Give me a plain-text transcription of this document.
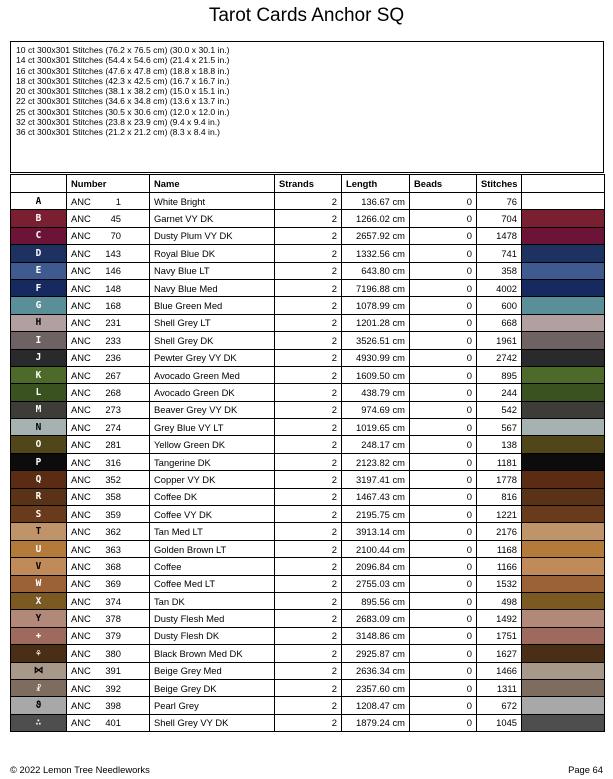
Tarot Cards Anchor SQ
10 ct 300x301 Stitches (76.2 x 76.5 cm) (30.0 x 30.1 in.)
14 ct 300x301 Stitches (54.4 x 54.6 cm) (21.4 x 21.5 in.)
16 ct 300x301 Stitches (47.6 x 47.8 cm) (18.8 x 18.8 in.)
18 ct 300x301 Stitches (42.3 x 42.5 cm) (16.7 x 16.7 in.)
20 ct 300x301 Stitches (38.1 x 38.2 cm) (15.0 x 15.1 in.)
22 ct 300x301 Stitches (34.6 x 34.8 cm) (13.6 x 13.7 in.)
25 ct 300x301 Stitches (30.5 x 30.6 cm) (12.0 x 12.0 in.)
32 ct 300x301 Stitches (23.8 x 23.9 cm) (9.4 x 9.4 in.)
36 ct 300x301 Stitches (21.2 x 21.2 cm) (8.3 x 8.4 in.)
	Number	Name	Strands	Length	Beads	Stitches	
A	ANC 1	White Bright	2	136.67 cm	0	76	
B	ANC 45	Garnet VY DK	2	1266.02 cm	0	704	
C	ANC 70	Dusty Plum VY DK	2	2657.92 cm	0	1478	
D	ANC 143	Royal Blue DK	2	1332.56 cm	0	741	
E	ANC 146	Navy Blue LT	2	643.80 cm	0	358	
F	ANC 148	Navy Blue Med	2	7196.88 cm	0	4002	
G	ANC 168	Blue Green Med	2	1078.99 cm	0	600	
H	ANC 231	Shell Grey LT	2	1201.28 cm	0	668	
I	ANC 233	Shell Grey DK	2	3526.51 cm	0	1961	
J	ANC 236	Pewter Grey VY DK	2	4930.99 cm	0	2742	
K	ANC 267	Avocado Green Med	2	1609.50 cm	0	895	
L	ANC 268	Avocado Green DK	2	438.79 cm	0	244	
M	ANC 273	Beaver Grey VY DK	2	974.69 cm	0	542	
N	ANC 274	Grey Blue VY LT	2	1019.65 cm	0	567	
O	ANC 281	Yellow Green DK	2	248.17 cm	0	138	
P	ANC 316	Tangerine DK	2	2123.82 cm	0	1181	
Q	ANC 352	Copper VY DK	2	3197.41 cm	0	1778	
R	ANC 358	Coffee DK	2	1467.43 cm	0	816	
S	ANC 359	Coffee VY DK	2	2195.75 cm	0	1221	
T	ANC 362	Tan Med LT	2	3913.14 cm	0	2176	
U	ANC 363	Golden Brown LT	2	2100.44 cm	0	1168	
V	ANC 368	Coffee	2	2096.84 cm	0	1166	
W	ANC 369	Coffee Med LT	2	2755.03 cm	0	1532	
X	ANC 374	Tan DK	2	895.56 cm	0	498	
Y	ANC 378	Dusty Flesh Med	2	2683.09 cm	0	1492	
✚	ANC 379	Dusty Flesh DK	2	3148.86 cm	0	1751	
⚘	ANC 380	Black Brown Med DK	2	2925.87 cm	0	1627	
⋈	ANC 391	Beige Grey Med	2	2636.34 cm	0	1466	
☧	ANC 392	Beige Grey DK	2	2357.60 cm	0	1311	
ϑ	ANC 398	Pearl Grey	2	1208.47 cm	0	672	
∴	ANC 401	Shell Grey VY DK	2	1879.24 cm	0	1045	
© 2022 Lemon Tree Needleworks	Page 64
